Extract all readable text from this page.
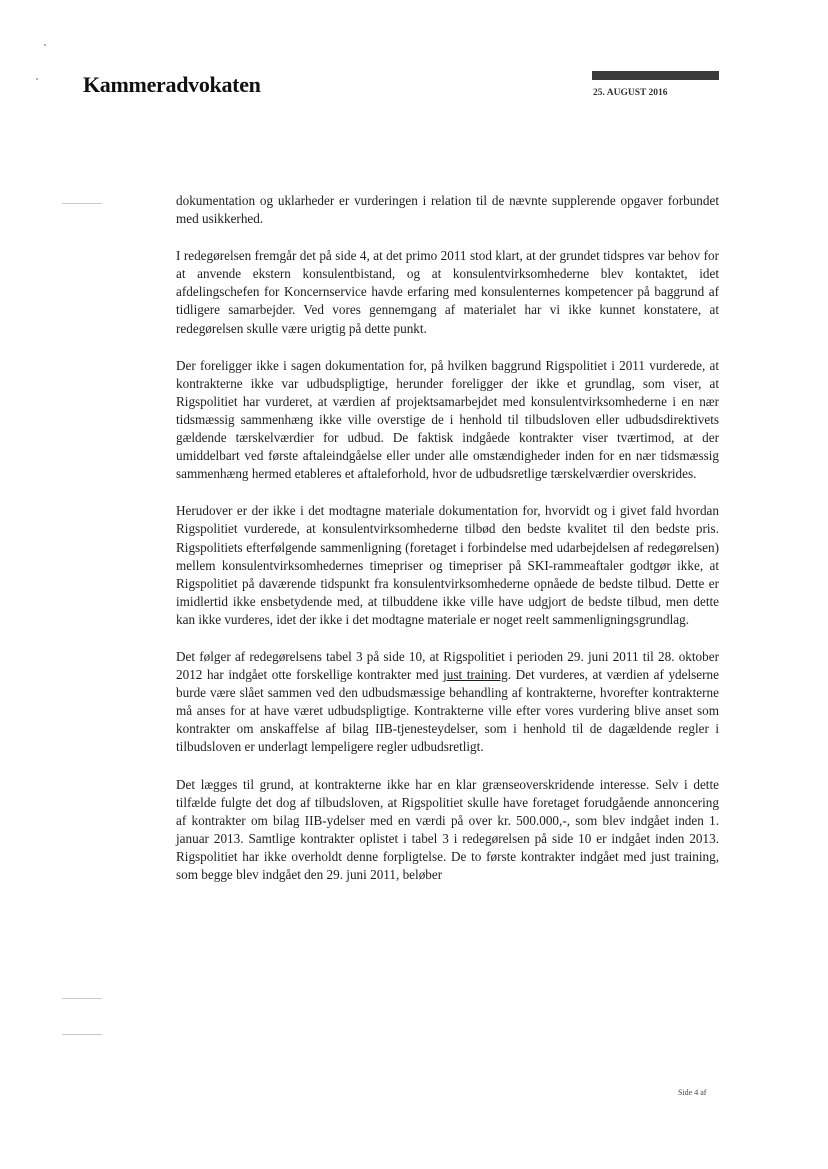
Kammeradvokaten	25. AUGUST 2016

dokumentation og uklarheder er vurderingen i relation til de nævnte supplerende opgaver forbundet med usikkerhed.

I redegørelsen fremgår det på side 4, at det primo 2011 stod klart, at der grundet tidspres var behov for at anvende ekstern konsulentbistand, og at konsulentvirksomhederne blev kontaktet, idet afdelingschefen for Koncernservice havde erfaring med konsulenternes kompetencer på baggrund af tidligere samarbejder. Ved vores gennemgang af materialet har vi ikke kunnet konstatere, at redegørelsen skulle være urigtig på dette punkt.

Der foreligger ikke i sagen dokumentation for, på hvilken baggrund Rigspolitiet i 2011 vurderede, at kontrakterne ikke var udbudspligtige, herunder foreligger der ikke et grundlag, som viser, at Rigspolitiet har vurderet, at værdien af projektsamarbejdet med konsulentvirksomhederne i en nær tidsmæssig sammenhæng ikke ville overstige de i henhold til tilbudsloven eller udbudsdirektivets gældende tærskelværdier for udbud. De faktisk indgåede kontrakter viser tværtimod, at der umiddelbart ved første aftaleindgåelse eller under alle omstændigheder inden for en nær tidsmæssig sammenhæng hermed etableres et aftaleforhold, hvor de udbudsretlige tærskelværdier overskrides.

Herudover er der ikke i det modtagne materiale dokumentation for, hvorvidt og i givet fald hvordan Rigspolitiet vurderede, at konsulentvirksomhederne tilbød den bedste kvalitet til den bedste pris. Rigspolitiets efterfølgende sammenligning (foretaget i forbindelse med udarbejdelsen af redegørelsen) mellem konsulentvirksomhedernes timepriser og timepriser på SKI-rammeaftaler godtgør ikke, at Rigspolitiet på daværende tidspunkt fra konsulentvirksomhederne opnåede de bedste tilbud. Dette er imidlertid ikke ensbetydende med, at tilbuddene ikke ville have udgjort de bedste tilbud, men dette kan ikke vurderes, idet der ikke i det modtagne materiale er noget reelt sammenligningsgrundlag.

Det følger af redegørelsens tabel 3 på side 10, at Rigspolitiet i perioden 29. juni 2011 til 28. oktober 2012 har indgået otte forskellige kontrakter med just training. Det vurderes, at værdien af ydelserne burde være slået sammen ved den udbudsmæssige behandling af kontrakterne, hvorefter kontrakterne må anses for at have været udbudspligtige. Kontrakterne ville efter vores vurdering blive anset som kontrakter om anskaffelse af bilag IIB-tjenesteydelser, som i henhold til de dagældende regler i tilbudsloven er underlagt lempeligere regler udbudsretligt.

Det lægges til grund, at kontrakterne ikke har en klar grænseoverskridende interesse. Selv i dette tilfælde fulgte det dog af tilbudsloven, at Rigspolitiet skulle have foretaget forudgående annoncering af kontrakter om bilag IIB-ydelser med en værdi på over kr. 500.000,-, som blev indgået inden 1. januar 2013. Samtlige kontrakter oplistet i tabel 3 i redegørelsen på side 10 er indgået inden 2013. Rigspolitiet har ikke overholdt denne forpligtelse. De to første kontrakter indgået med just training, som begge blev indgået den 29. juni 2011, beløber

Side 4 af
